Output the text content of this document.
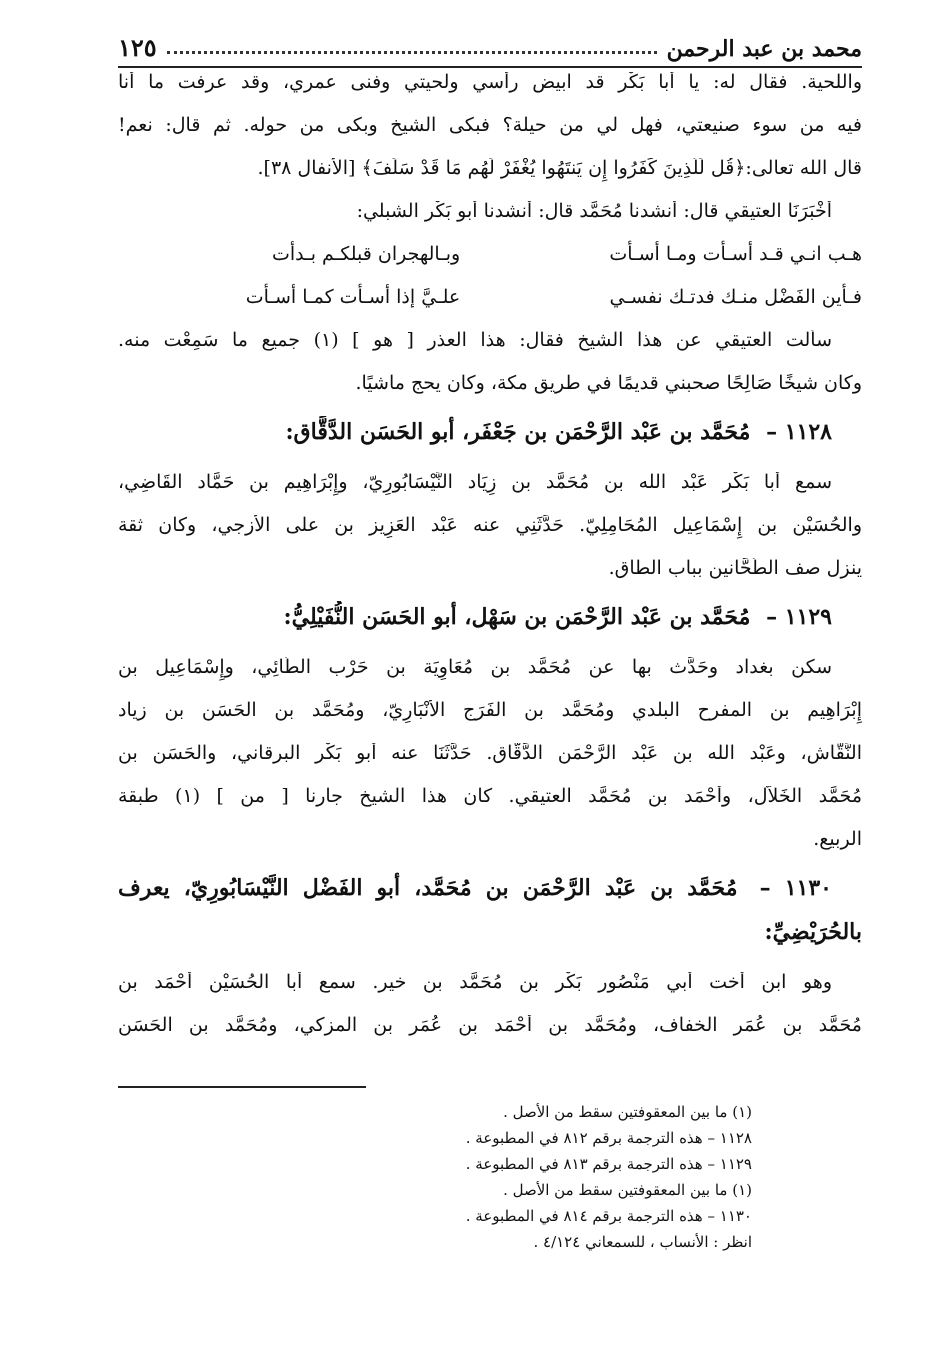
محمد بن عبد الرحمن
١٢٥
واللحية. فقال له: يا أبا بَكْر قد ابيض رأسي ولحيتي وفنى عمري، وقد عرفت ما أنا
فيه من سوء صنيعتي، فهل لي من حيلة؟ فبكى الشيخ وبكى من حوله. ثم قال: نعم!
قال الله تعالى:﴿قُل لِّلَّذِينَ كَفَرُوا إِن يَنتَهُوا يُغْفَرْ لَهُم مَا قَدْ سَلَفَ﴾ [الأنفال ٣٨].
أَخْبَرَنَا العتيقي قال: أنشدنا مُحَمَّد قال: أنشدنا أبو بَكْر الشبلي:
هـب انـي قـد أسـأت ومـا أسـأت
وبـالهجران قبلكـم بـدأت
فـأين الفَضْل منـك فدتـك نفسـي
علـيَّ إذا أسـأت كمـا أسـأت
سألت العتيقي عن هذا الشيخ فقال: هذا العذر [ هو ] (١) جميع ما سَمِعْت منه.
وكان شيخًا صَالِحًا صحبني قديمًا في طريق مكة، وكان يحج ماشيًا.
١١٢٨ – مُحَمَّد بن عَبْد الرَّحْمَن بن جَعْفَر، أبو الحَسَن الدَّقَّاق:
سمع أبا بَكْر عَبْد الله بن مُحَمَّد بن زِيَاد النَّيْسَابُورِيّ، وإِبْرَاهِيم بن حَمَّاد القَاضِي،
والحُسَيْن بن إِسْمَاعِيل المُحَامِلِيّ. حَدَّثَنِي عنه عَبْد العَزِيز بن على الأزجي، وكان ثقة
ينزل صف الطَّحَّانين بباب الطاق.
١١٢٩ – مُحَمَّد بن عَبْد الرَّحْمَن بن سَهْل، أبو الحَسَن النُّفَيْلِيُّ:
سكن بغداد وحَدَّث بها عن مُحَمَّد بن مُعَاوِيَة بن حَرْب الطَّائِي، وإِسْمَاعِيل بن
إِبْرَاهِيم بن المفرح البلدي ومُحَمَّد بن الفَرَج الأَنْبَارِيّ، ومُحَمَّد بن الحَسَن بن زياد
النَّقَّاش، وعَبْد الله بن عَبْد الرَّحْمَن الدَّقَّاق. حَدَّثَنَا عنه أبو بَكْر البرقاني، والحَسَن بن
مُحَمَّد الخَلاَّل، وأَحْمَد بن مُحَمَّد العتيقي. كان هذا الشيخ جارنا [ من ] (١) طبقة
الربيع.
١١٣٠ – مُحَمَّد بن عَبْد الرَّحْمَن بن مُحَمَّد، أبو الفَضْل النَّيْسَابُورِيّ، يعرف
بالحُرَيْضِيِّ:
وهو ابن أخت أبي مَنْصُور بَكْر بن مُحَمَّد بن خير. سمع أبا الحُسَيْن أَحْمَد بن
مُحَمَّد بن عُمَر الخفاف، ومُحَمَّد بن أَحْمَد بن عُمَر بن المزكي، ومُحَمَّد بن الحَسَن
(١) ما بين المعقوفتين سقط من الأصل .
١١٢٨ – هذه الترجمة برقم ٨١٢ في المطبوعة .
١١٢٩ – هذه الترجمة برقم ٨١٣ في المطبوعة .
(١) ما بين المعقوفتين سقط من الأصل .
١١٣٠ – هذه الترجمة برقم ٨١٤ في المطبوعة .
انظر : الأنساب ، للسمعاني ٤/١٢٤ .
